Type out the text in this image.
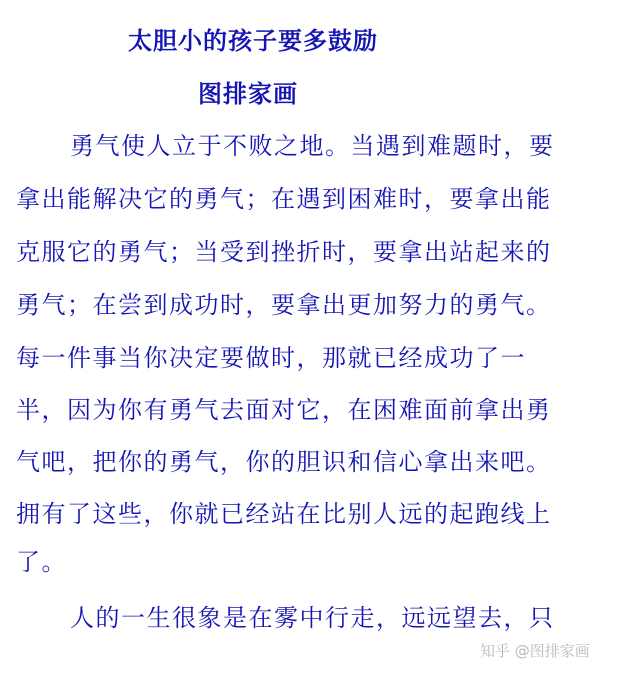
太胆小的孩子要多鼓励
图排家画
勇气使人立于不败之地。当遇到难题时，要
拿出能解决它的勇气；在遇到困难时，要拿出能
克服它的勇气；当受到挫折时，要拿出站起来的
勇气；在尝到成功时，要拿出更加努力的勇气。
每一件事当你决定要做时，那就已经成功了一
半，因为你有勇气去面对它，在困难面前拿出勇
气吧，把你的勇气，你的胆识和信心拿出来吧。
拥有了这些，你就已经站在比别人远的起跑线上
了。
人的一生很象是在雾中行走，远远望去，只
知乎 @图排家画
